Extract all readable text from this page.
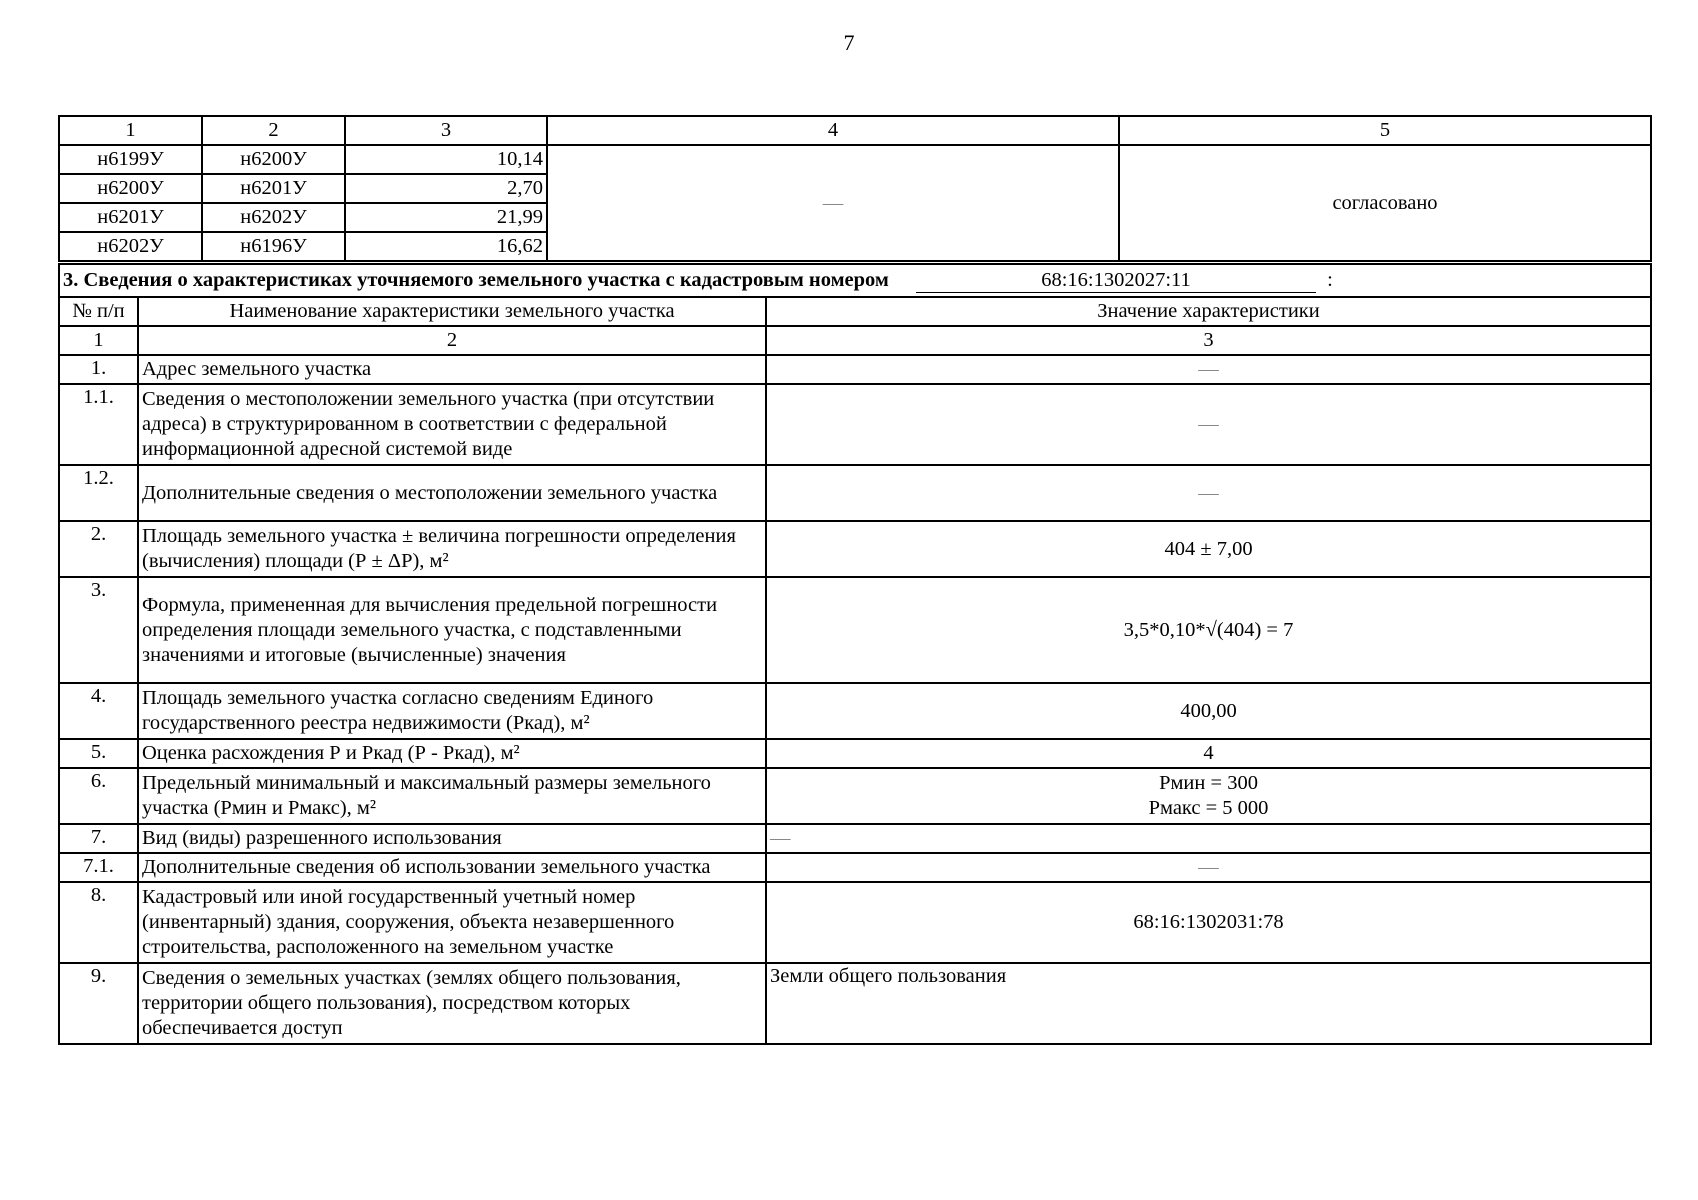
7
1	2	3	4	5
н6199У	н6200У	10,14	—	согласовано
н6200У	н6201У	2,70		
н6201У	н6202У	21,99		
н6202У	н6196У	16,62		
3. Сведения о характеристиках уточняемого земельного участка с кадастровым номером 68:16:1302027:11 :		
№ п/п	Наименование характеристики земельного участка	Значение характеристики
1	2	3
1.	Адрес земельного участка	—
1.1.	Сведения о местоположении земельного участка (при отсутствии адреса) в структурированном в соответствии с федеральной информационной адресной системой виде	—
1.2.	Дополнительные сведения о местоположении земельного участка	—
2.	Площадь земельного участка ± величина погрешности определения (вычисления) площади (Р ± ΔР), м²	404 ± 7,00
3.	Формула, примененная для вычисления предельной погрешности определения площади земельного участка, с подставленными значениями и итоговые (вычисленные) значения	3,5*0,10*√(404) = 7
4.	Площадь земельного участка согласно сведениям Единого государственного реестра недвижимости (Ркад), м²	400,00
5.	Оценка расхождения Р и Ркад (Р - Ркад), м²	4
6.	Предельный минимальный и максимальный размеры земельного участка (Рмин и Рмакс), м²	Рмин = 300
Рмакс = 5 000

7.	Вид (виды) разрешенного использования	—
7.1.	Дополнительные сведения об использовании земельного участка	—
8.	Кадастровый или иной государственный учетный номер (инвентарный) здания, сооружения, объекта незавершенного строительства, расположенного на земельном участке	68:16:1302031:78
9.	Сведения о земельных участках (землях общего пользования, территории общего пользования), посредством которых обеспечивается доступ	Земли общего пользования
